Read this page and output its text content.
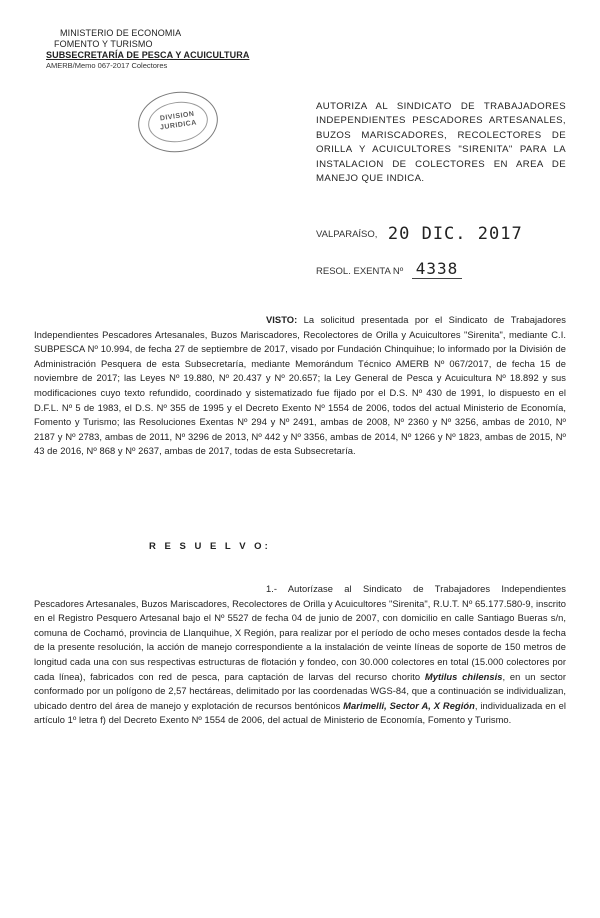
MINISTERIO DE ECONOMIA
FOMENTO Y TURISMO
SUBSECRETARÍA DE PESCA Y ACUICULTURA
AMERB/Memo 067-2017 Colectores
DIVISION
JURIDICA
AUTORIZA AL SINDICATO DE TRABAJADORES INDEPENDIENTES PESCADORES ARTESANALES, BUZOS MARISCADORES, RECOLECTORES DE ORILLA Y ACUICULTORES "SIRENITA" PARA LA INSTALACION DE COLECTORES EN AREA DE MANEJO QUE INDICA.
VALPARAÍSO, 20 DIC. 2017
RESOL. EXENTA Nº 4338
VISTO: La solicitud presentada por el Sindicato de Trabajadores Independientes Pescadores Artesanales, Buzos Mariscadores, Recolectores de Orilla y Acuicultores "Sirenita", mediante C.I. SUBPESCA Nº 10.994, de fecha 27 de septiembre de 2017, visado por Fundación Chinquihue; lo informado por la División de Administración Pesquera de esta Subsecretaría, mediante Memorándum Técnico AMERB Nº 067/2017, de fecha 15 de noviembre de 2017; las Leyes Nº 19.880, Nº 20.437 y Nº 20.657; la Ley General de Pesca y Acuicultura Nº 18.892 y sus modificaciones cuyo texto refundido, coordinado y sistematizado fue fijado por el D.S. Nº 430 de 1991, lo dispuesto en el D.F.L. Nº 5 de 1983, el D.S. Nº 355 de 1995 y el Decreto Exento Nº 1554 de 2006, todos del actual Ministerio de Economía, Fomento y Turismo; las Resoluciones Exentas Nº 294 y Nº 2491, ambas de 2008, Nº 2360 y Nº 3256, ambas de 2010, Nº 2187 y Nº 2783, ambas de 2011, Nº 3296 de 2013, Nº 442 y Nº 3356, ambas de 2014, Nº 1266 y Nº 1823, ambas de 2015, Nº 43 de 2016, Nº 868 y Nº 2637, ambas de 2017, todas de esta Subsecretaría.
R E S U E L V O:
1.- Autorízase al Sindicato de Trabajadores Independientes Pescadores Artesanales, Buzos Mariscadores, Recolectores de Orilla y Acuicultores "Sirenita", R.U.T. Nº 65.177.580-9, inscrito en el Registro Pesquero Artesanal bajo el Nº 5527 de fecha 04 de junio de 2007, con domicilio en calle Santiago Bueras s/n, comuna de Cochamó, provincia de Llanquihue, X Región, para realizar por el período de ocho meses contados desde la fecha de la presente resolución, la acción de manejo correspondiente a la instalación de veinte líneas de soporte de 150 metros de longitud cada una con sus respectivas estructuras de flotación y fondeo, con 30.000 colectores en total (15.000 colectores por cada línea), fabricados con red de pesca, para captación de larvas del recurso chorito Mytilus chilensis, en un sector conformado por un polígono de 2,57 hectáreas, delimitado por las coordenadas WGS-84, que a continuación se individualizan, ubicado dentro del área de manejo y explotación de recursos bentónicos Marimelli, Sector A, X Región, individualizada en el artículo 1º letra f) del Decreto Exento Nº 1554 de 2006, del actual de Ministerio de Economía, Fomento y Turismo.
